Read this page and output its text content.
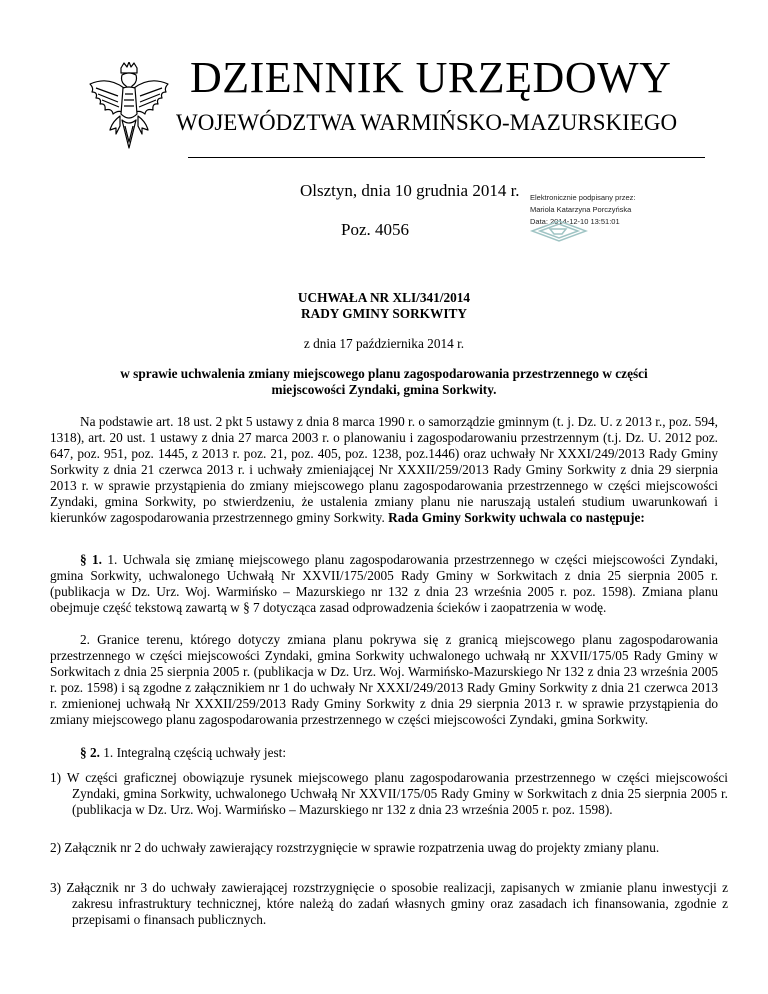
DZIENNIK URZĘDOWY
WOJEWÓDZTWA WARMIŃSKO-MAZURSKIEGO
Olsztyn, dnia 10 grudnia 2014 r.
Poz. 4056
Elektronicznie podpisany przez:
Mariola Katarzyna Porczyńska
Data: 2014-12-10 13:51:01
UCHWAŁA NR XLI/341/2014
RADY GMINY SORKWITY
z dnia 17 października 2014 r.
w sprawie uchwalenia zmiany miejscowego planu zagospodarowania przestrzennego w części
miejscowości Zyndaki, gmina Sorkwity.

Na podstawie art. 18 ust. 2 pkt 5 ustawy z dnia 8 marca 1990 r. o samorządzie gminnym (t. j. Dz. U. z 2013 r., poz. 594, 1318), art. 20 ust. 1 ustawy z dnia 27 marca 2003 r. o planowaniu i zagospodarowaniu przestrzennym (t.j. Dz. U. 2012 poz. 647, poz. 951, poz. 1445, z 2013 r. poz. 21, poz. 405, poz. 1238, poz.1446) oraz uchwały Nr XXXI/249/2013 Rady Gminy Sorkwity z dnia 21 czerwca 2013 r. i uchwały zmieniającej Nr XXXII/259/2013 Rady Gminy Sorkwity z dnia 29 sierpnia 2013 r. w sprawie przystąpienia do zmiany miejscowego planu zagospodarowania przestrzennego w części miejscowości Zyndaki, gmina Sorkwity, po stwierdzeniu, że ustalenia zmiany planu nie naruszają ustaleń studium uwarunkowań i kierunków zagospodarowania przestrzennego gminy Sorkwity. Rada Gminy Sorkwity uchwala co następuje:

§ 1. 1. Uchwala się zmianę miejscowego planu zagospodarowania przestrzennego w części miejscowości Zyndaki, gmina Sorkwity, uchwalonego Uchwałą Nr XXVII/175/2005 Rady Gminy w Sorkwitach z dnia 25 sierpnia 2005 r. (publikacja w Dz. Urz. Woj. Warmińsko – Mazurskiego nr 132 z dnia 23 września 2005 r. poz. 1598). Zmiana planu obejmuje część tekstową zawartą w § 7 dotycząca zasad odprowadzenia ścieków i zaopatrzenia w wodę.

2. Granice terenu, którego dotyczy zmiana planu pokrywa się z granicą miejscowego planu zagospodarowania przestrzennego w części miejscowości Zyndaki, gmina Sorkwity uchwalonego uchwałą nr XXVII/175/05 Rady Gminy w Sorkwitach z dnia 25 sierpnia 2005 r. (publikacja w Dz. Urz. Woj. Warmińsko-Mazurskiego Nr 132 z dnia 23 września 2005 r. poz. 1598) i są zgodne z załącznikiem nr 1 do uchwały Nr XXXI/249/2013 Rady Gminy Sorkwity z dnia 21 czerwca 2013 r. zmienionej uchwałą Nr XXXII/259/2013 Rady Gminy Sorkwity z dnia 29 sierpnia 2013 r. w sprawie przystąpienia do zmiany miejscowego planu zagospodarowania przestrzennego w części miejscowości Zyndaki, gmina Sorkwity.

§ 2. 1. Integralną częścią uchwały jest:

1) W części graficznej obowiązuje rysunek miejscowego planu zagospodarowania przestrzennego w części miejscowości Zyndaki, gmina Sorkwity, uchwalonego Uchwałą Nr XXVII/175/05 Rady Gminy w Sorkwitach z dnia 25 sierpnia 2005 r. (publikacja w Dz. Urz. Woj. Warmińsko – Mazurskiego nr 132 z dnia 23 września 2005 r. poz. 1598).
2) Załącznik nr 2 do uchwały zawierający rozstrzygnięcie w sprawie rozpatrzenia uwag do projekty zmiany planu.
3) Załącznik nr 3 do uchwały zawierającej rozstrzygnięcie o sposobie realizacji, zapisanych w zmianie planu inwestycji z zakresu infrastruktury technicznej, które należą do zadań własnych gminy oraz zasadach ich finansowania, zgodnie z przepisami o finansach publicznych.
